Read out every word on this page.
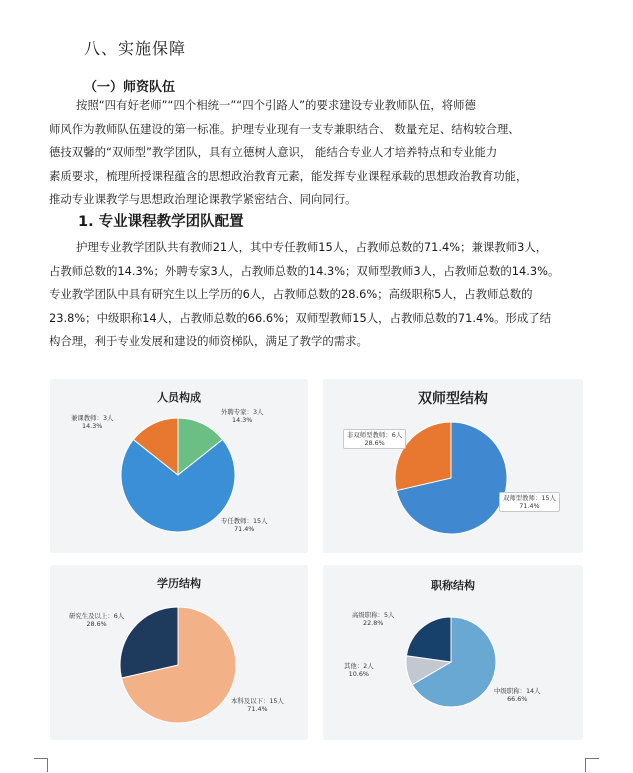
八、实施保障
（一）师资队伍

按照“四有好老师”“四个相统一”“四个引路人”的要求建设专业教师队伍，将师德
师风作为教师队伍建设的第一标准。护理专业现有一支专兼职结合、 数量充足、结构较合理、
德技双馨的“双师型”教学团队，具有立德树人意识， 能结合专业人才培养特点和专业能力
素质要求，梳理所授课程蕴含的思想政治教育元素，能发挥专业课程承载的思想政治教育功能，
推动专业课教学与思想政治理论课教学紧密结合、同向同行。

1. 专业课程教学团队配置

护理专业教学团队共有教师21人，其中专任教师15人，占教师总数的71.4%；兼课教师3人，
占教师总数的14.3%；外聘专家3人，占教师总数的14.3%；双师型教师3人，占教师总数的14.3%。
专业教学团队中具有研究生以上学历的6人，占教师总数的28.6%；高级职称5人，占教师总数的
23.8%；中级职称14人，占教师总数的66.6%；双师型教师15人，占教师总数的71.4%。形成了结
构合理，利于专业发展和建设的师资梯队，满足了教学的需求。

人员构成
外聘专家：3人
14.3%
兼课教师：3人
14.3%
专任教师：15人
71.4%
双师型结构
非双师型教师：6人
28.6%
双师型教师：15人
71.4%
学历结构
研究生及以上：6人
28.6%
本科及以下：15人
71.4%
职称结构
高级职称：5人
22.8%
其他：2人
10.6%
中级职称：14人
66.6%
